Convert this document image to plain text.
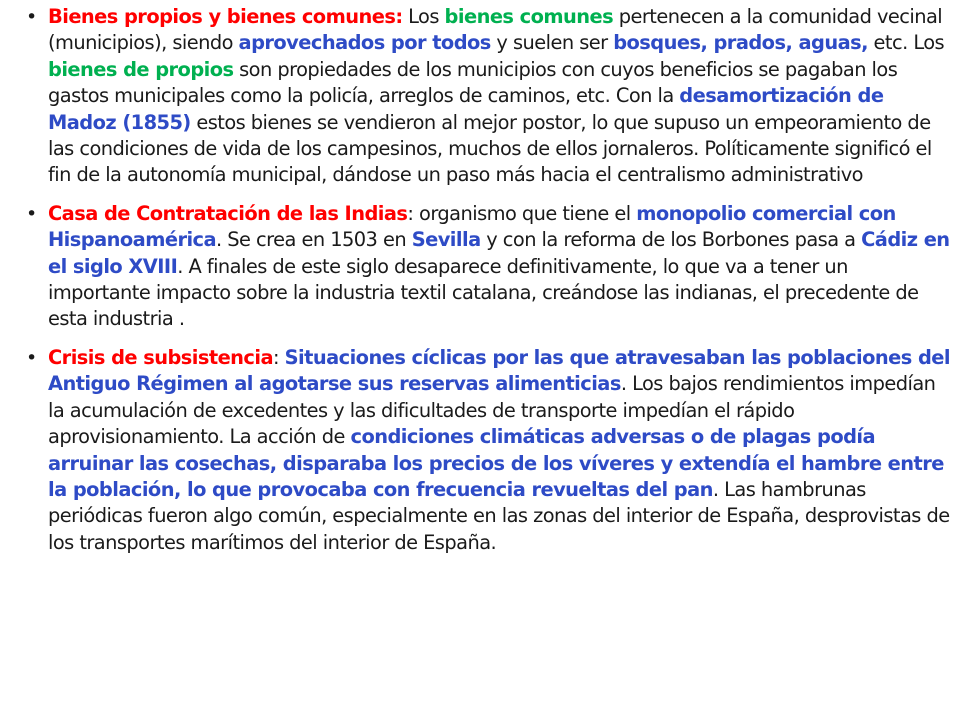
• Bienes propios y bienes comunes: Los bienes comunes pertenecen a la comunidad vecinal (municipios), siendo aprovechados por todos y suelen ser bosques, prados, aguas, etc. Los bienes de propios son propiedades de los municipios con cuyos beneficios se pagaban los gastos municipales como la policía, arreglos de caminos, etc. Con la desamortización de Madoz (1855) estos bienes se vendieron al mejor postor, lo que supuso un empeoramiento de las condiciones de vida de los campesinos, muchos de ellos jornaleros. Políticamente significó el fin de la autonomía municipal, dándose un paso más hacia el centralismo administrativo
• Casa de Contratación de las Indias: organismo que tiene el monopolio comercial con Hispanoamérica. Se crea en 1503 en Sevilla y con la reforma de los Borbones pasa a Cádiz en el siglo XVIII. A finales de este siglo desaparece definitivamente, lo que va a tener un importante impacto sobre la industria textil catalana, creándose las indianas, el precedente de esta industria .
• Crisis de subsistencia: Situaciones cíclicas por las que atravesaban las poblaciones del Antiguo Régimen al agotarse sus reservas alimenticias. Los bajos rendimientos impedían la acumulación de excedentes y las dificultades de transporte impedían el rápido aprovisionamiento. La acción de condiciones climáticas adversas o de plagas podía arruinar las cosechas, disparaba los precios de los víveres y extendía el hambre entre la población, lo que provocaba con frecuencia revueltas del pan. Las hambrunas periódicas fueron algo común, especialmente en las zonas del interior de España, desprovistas de los transportes marítimos del interior de España.
